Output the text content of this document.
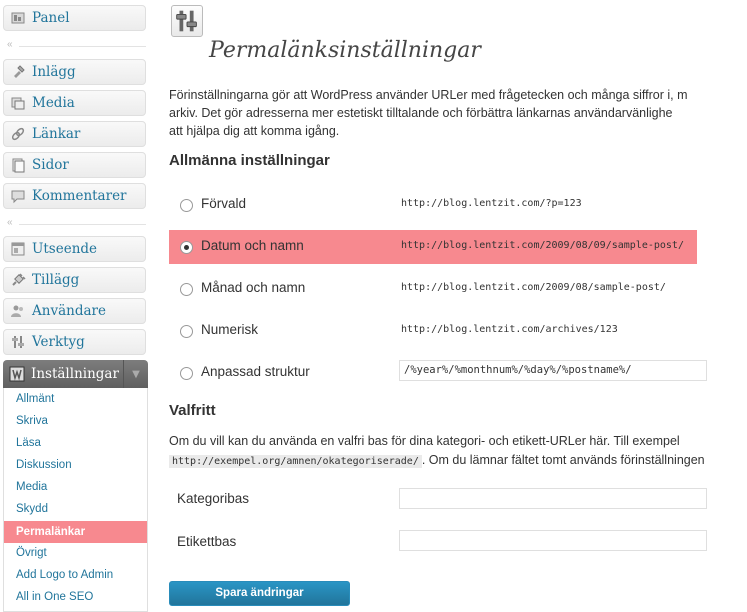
Panel
«
Inlägg
Media
Länkar
Sidor
Kommentarer
«
Utseende
Tillägg
Användare
Verktyg
Inställningar	▼
Allmänt
Skriva
Läsa
Diskussion
Media
Skydd
Permalänkar
Övrigt
Add Logo to Admin
All in One SEO
Permalänksinställningar
Förinställningarna gör att WordPress använder URLer med frågetecken och många siffror i, m
arkiv. Det gör adresserna mer estetiskt tilltalande och förbättra länkarnas användarvänlighe
att hjälpa dig att komma igång.
Allmänna inställningar
Förvald	http://blog.lentzit.com/?p=123
Datum och namn	http://blog.lentzit.com/2009/08/09/sample-post/
Månad och namn	http://blog.lentzit.com/2009/08/sample-post/
Numerisk	http://blog.lentzit.com/archives/123
Anpassad struktur	/%year%/%monthnum%/%day%/%postname%/
Valfritt
Om du vill kan du använda en valfri bas för dina kategori- och etikett-URLer här. Till exempel
http://exempel.org/amnen/okategoriserade/ . Om du lämnar fältet tomt används förinställningen
Kategoribas
Etikettbas
Spara ändringar
